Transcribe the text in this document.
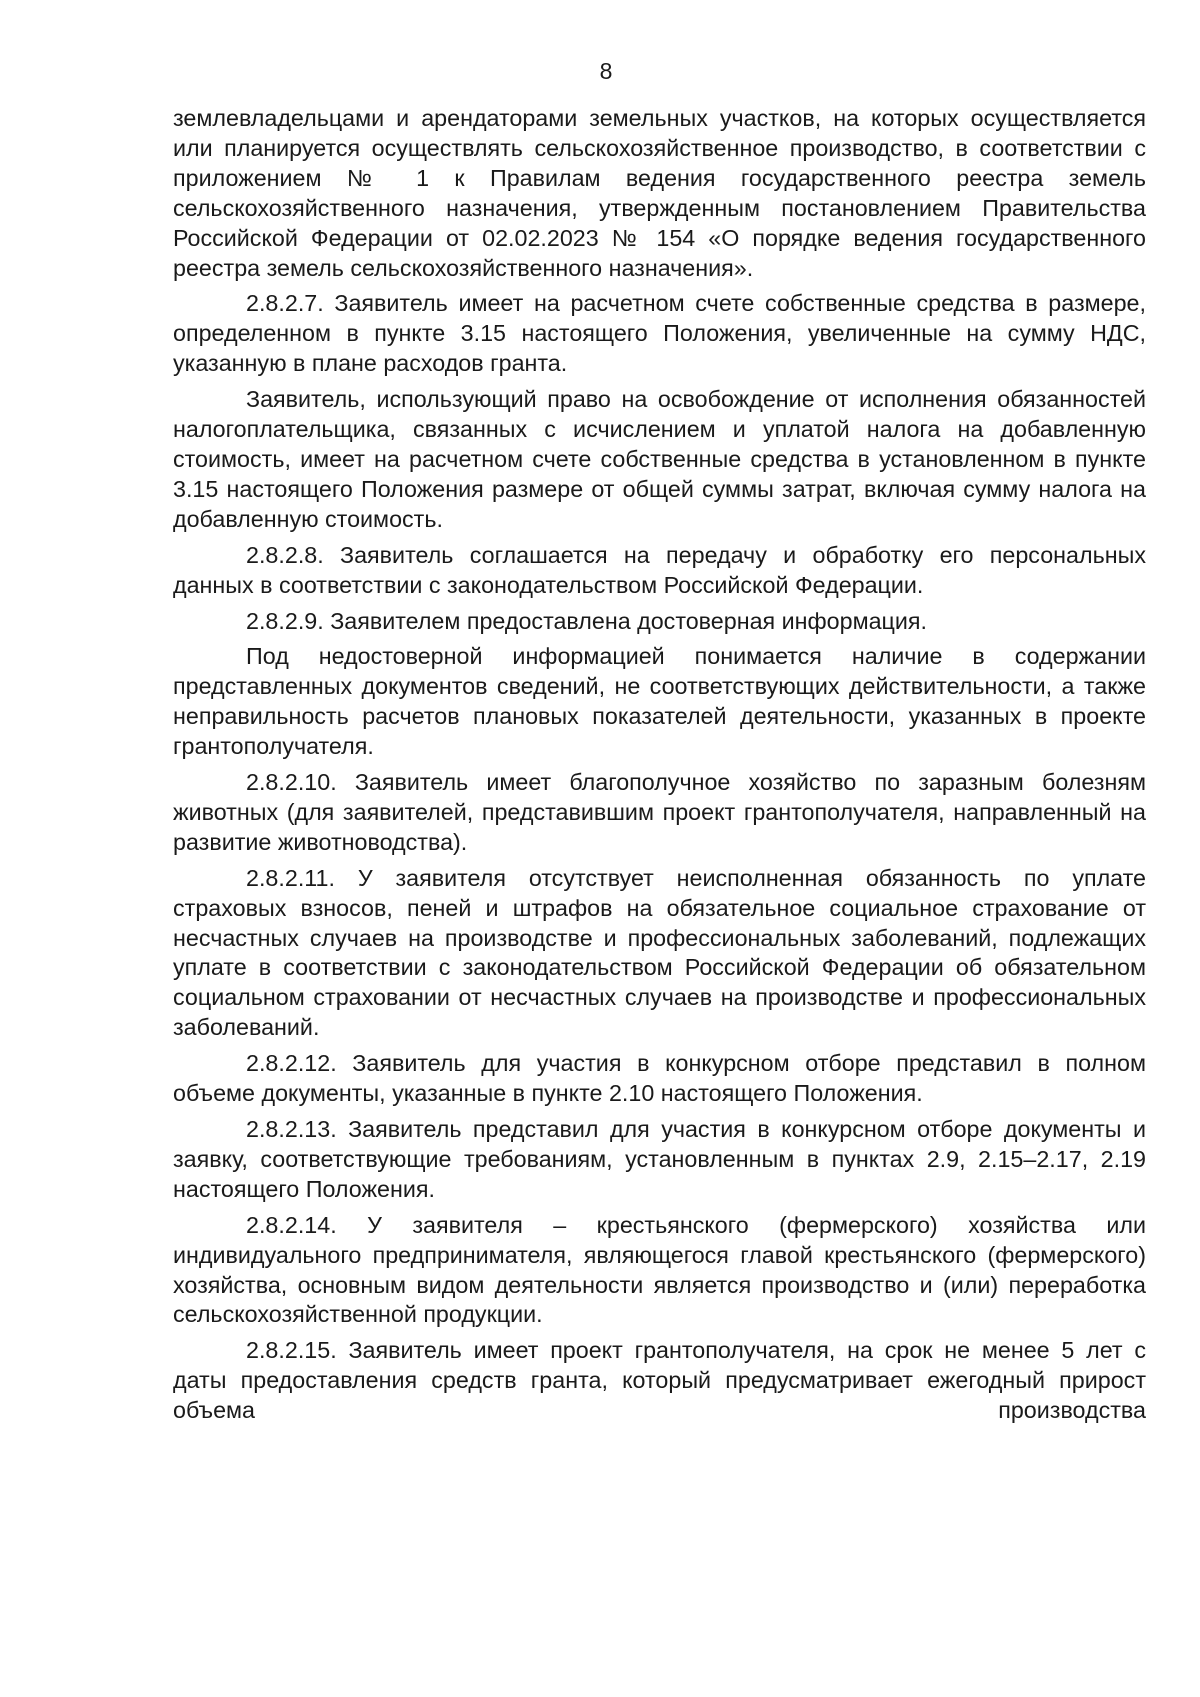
8

землевладельцами и арендаторами земельных участков, на которых осуществляется или планируется осуществлять сельскохозяйственное производство, в соответствии с приложением № 1 к Правилам ведения государственного реестра земель сельскохозяйственного назначения, утвержденным постановлением Правительства Российской Федерации от 02.02.2023 № 154 «О порядке ведения государственного реестра земель сельскохозяйственного назначения».

2.8.2.7. Заявитель имеет на расчетном счете собственные средства в размере, определенном в пункте 3.15 настоящего Положения, увеличенные на сумму НДС, указанную в плане расходов гранта.

Заявитель, использующий право на освобождение от исполнения обязанностей налогоплательщика, связанных с исчислением и уплатой налога на добавленную стоимость, имеет на расчетном счете собственные средства в установленном в пункте 3.15 настоящего Положения размере от общей суммы затрат, включая сумму налога на добавленную стоимость.

2.8.2.8. Заявитель соглашается на передачу и обработку его персональных данных в соответствии с законодательством Российской Федерации.

2.8.2.9. Заявителем предоставлена достоверная информация.

Под недостоверной информацией понимается наличие в содержании представленных документов сведений, не соответствующих действительности, а также неправильность расчетов плановых показателей деятельности, указанных в проекте грантополучателя.

2.8.2.10. Заявитель имеет благополучное хозяйство по заразным болезням животных (для заявителей, представившим проект грантополучателя, направленный на развитие животноводства).

2.8.2.11. У заявителя отсутствует неисполненная обязанность по уплате страховых взносов, пеней и штрафов на обязательное социальное страхование от несчастных случаев на производстве и профессиональных заболеваний, подлежащих уплате в соответствии с законодательством Российской Федерации об обязательном социальном страховании от несчастных случаев на производстве и профессиональных заболеваний.

2.8.2.12. Заявитель для участия в конкурсном отборе представил в полном объеме документы, указанные в пункте 2.10 настоящего Положения.

2.8.2.13. Заявитель представил для участия в конкурсном отборе документы и заявку, соответствующие требованиям, установленным в пунктах 2.9, 2.15–2.17, 2.19 настоящего Положения.

2.8.2.14. У заявителя – крестьянского (фермерского) хозяйства или индивидуального предпринимателя, являющегося главой крестьянского (фермерского) хозяйства, основным видом деятельности является производство и (или) переработка сельскохозяйственной продукции.

2.8.2.15. Заявитель имеет проект грантополучателя, на срок не менее 5 лет с даты предоставления средств гранта, который предусматривает ежегодный прирост объема производства
